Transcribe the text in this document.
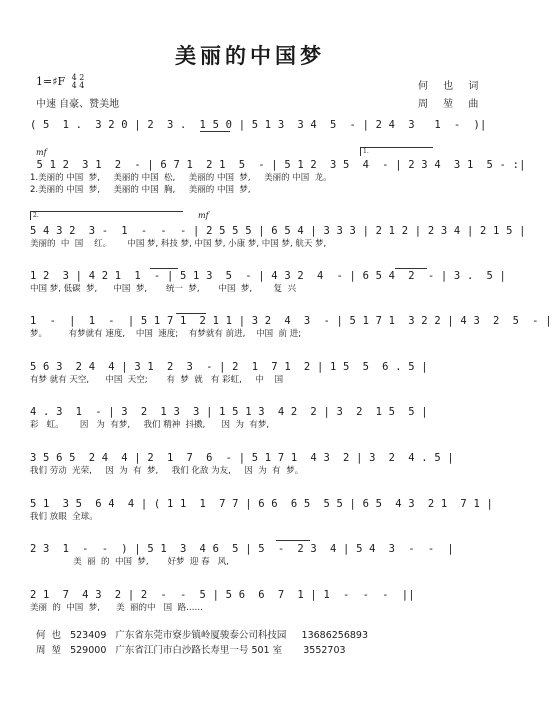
美丽的中国梦
1=♯F 4 2
4 4
中速 自豪、赞美地
何 也 词
周 堃 曲
( 5  1 .  3 2 0 | 2  3 .  1 5 0 | 5 1 3  3 4  5  - | 2 4  3   1  -  )|
mf	1.
5 1 2  3 1  2  - | 6 7 1  2 1  5  - | 5 1 2  3 5  4  - | 2 3 4  3 1  5 - :|
1.美丽的 中国  梦,     美丽的 中国  松,     美丽的 中国  梦,     美丽的 中国  龙。
2.美丽的 中国  梦,     美丽的 中国  胸,     美丽的 中国  梦,
2.	mf
5 4 3 2  3 -  1  -  -  - | 2 5 5 5 | 6 5 4 | 3 3 3 | 2 1 2 | 2 3 4 | 2 1 5 |
美丽的  中  国    红。      中国 梦, 科技 梦, 中国 梦, 小康 梦, 中国 梦, 航天 梦,
1 2  3 | 4 2 1  1  - | 5 1 3  5  - | 4 3 2  4  - | 6 5 4  2  - | 3 .  5 |
中国 梦, 低碳  梦,      中国  梦,       统一  梦,       中国  梦,        复  兴
1  -  |  1  -  | 5 1 7 1  2 1 1 | 3 2  4  3  - | 5 1 7 1  3 2 2 | 4 3  2  5  - |
梦。        有梦就有 速度,    中国  速度;    有梦就有 前进,    中国  前 进;
5 6 3  2 4  4 | 3 1  2  3  - | 2  1  7 1  2 | 1 5  5  6 . 5 |
有梦 就有 天空,      中国  天空;       有  梦  就   有 彩虹,     中    国
4 . 3  1  - | 3  2  1 3  3 | 1 5 1 3  4 2  2 | 3  2  1 5  5 |
彩   虹。      因   为  有梦,     我们 精神  抖擞,      因  为  有梦,
3 5 6 5  2 4  4 | 2  1  7  6  - | 5 1 7 1  4 3  2 | 3  2  4 . 5 |
我们 劳动  光荣,     因  为  有  梦,     我们 化敌 为友,     因  为  有  梦。
5 1  3 5  6 4  4 | ( 1 1  1  7 7 | 6 6  6 5  5 5 | 6 5  4 3  2 1  7 1 |
我们 放眼  全球。
2 3  1  -  -  ) | 5 1  3  4 6  5 | 5  -  2 3  4 | 5 4  3  -  -  |
美  丽  的  中国  梦,       好梦  迎 春   风,
2 1  7  4 3  2 | 2  -  -  5 | 5 6  6  7  1 | 1  -  -  -  ||
美丽  的  中国  梦,      美  丽的中   国  路……
何  也   523409   广东省东莞市寮步镇岭厦骏泰公司科技园     13686256893
周  堃   529000   广东省江门市白沙路长寿里一号 501 室       3552703
